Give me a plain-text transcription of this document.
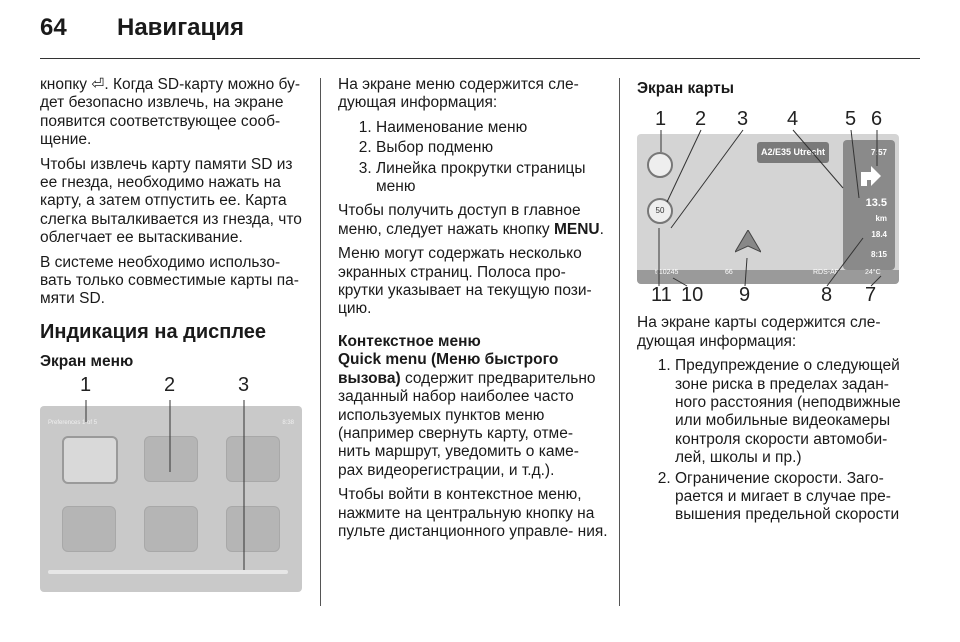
64 Навигация

кнопку ⏎. Когда SD-карту можно бу- дет безопасно извлечь, на экране появится соответствующее сооб- щение.

Чтобы извлечь карту памяти SD из ее гнезда, необходимо нажать на карту, а затем отпустить ее. Карта слегка выталкивается из гнезда, что облегчает ее вытаскивание.

В системе необходимо использо- вать только совместимые карты па- мяти SD.

Индикация на дисплее
Экран меню
1	2	3
Preferences 1 of 5	8:38

На экране меню содержится сле- дующая информация:

1. Наименование меню
2. Выбор подменю
3. Линейка прокрутки страницы меню

Чтобы получить доступ в главное меню, следует нажать кнопку MENU.

Меню могут содержать несколько экранных страниц. Полоса про- крутки указывает на текущую пози- цию.

Контекстное меню

Quick menu (Меню быстрого вызова) содержит предварительно заданный набор наиболее часто используемых пунктов меню (например свернуть карту, отме- нить маршрут, уведомить о каме- рах видеорегистрации, и т.д.).

Чтобы войти в контекстное меню, нажмите на центральную кнопку на пульте дистанционного управле- ния.

Экран карты
1 2 3 4 5 6
A2/E35 Utrecht
50
7:57
13.5
km
18.4
8:15
t 10245	66	RDS-AF	24°C
11 10 9	8 7

На экране карты содержится сле- дующая информация:

1. Предупреждение о следующей зоне риска в пределах задан- ного расстояния (неподвижные или мобильные видеокамеры контроля скорости автомоби- лей, школы и пр.)
2. Ограничение скорости. Заго- рается и мигает в случае пре- вышения предельной скорости
